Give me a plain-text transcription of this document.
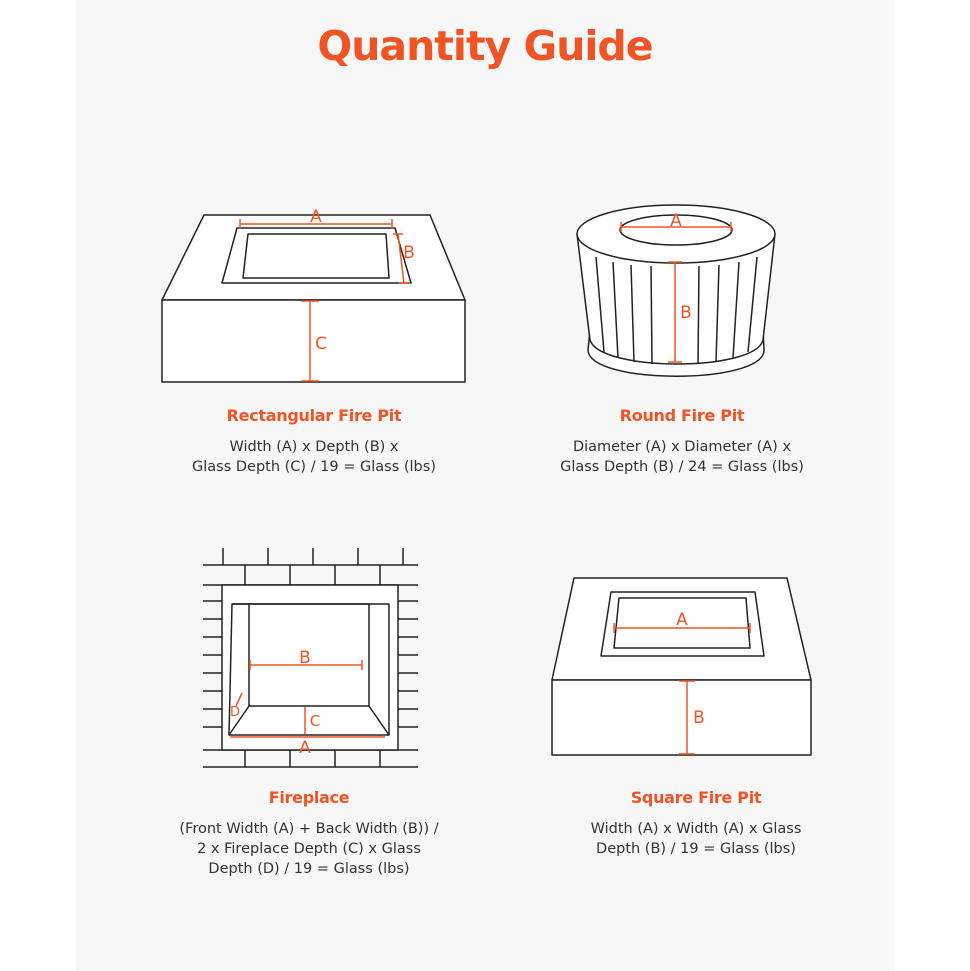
Quantity Guide
A
B
C
A
B
B
A
C
D
A
B
Rectangular Fire Pit
Width (A) x Depth (B) x
Glass Depth (C) / 19 = Glass (lbs)
Round Fire Pit
Diameter (A) x Diameter (A) x
Glass Depth (B) / 24 = Glass (lbs)
Fireplace
(Front Width (A) + Back Width (B)) /
2 x Fireplace Depth (C) x Glass
Depth (D) / 19 = Glass (lbs)
Square Fire Pit
Width (A) x Width (A) x Glass
Depth (B) / 19 = Glass (lbs)
